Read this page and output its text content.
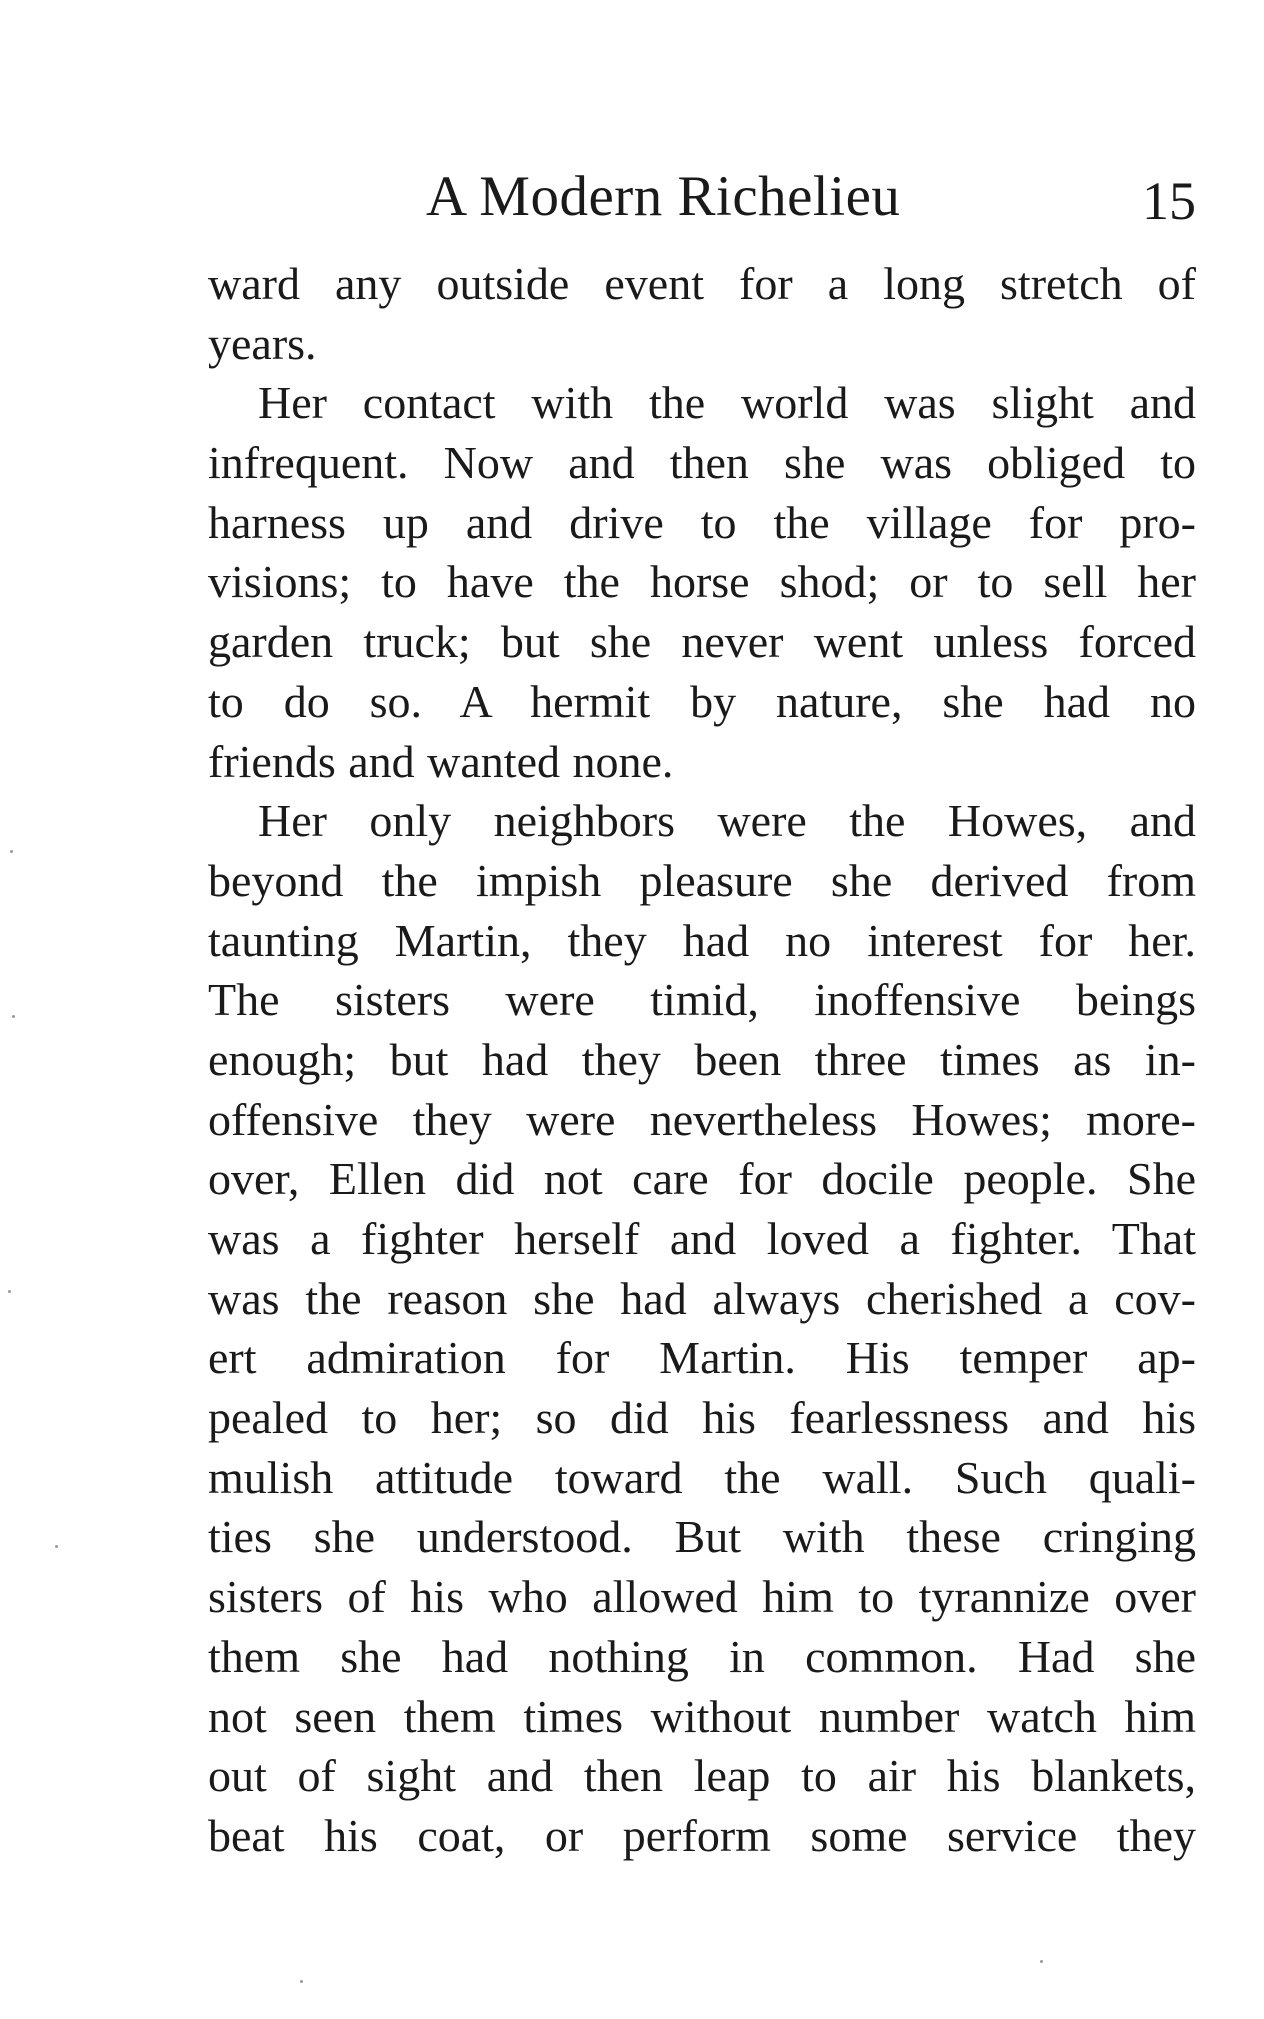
A Modern Richelieu	15
ward any outside event for a long stretch of
years.
Her contact with the world was slight and
infrequent. Now and then she was obliged to
harness up and drive to the village for pro-
visions; to have the horse shod; or to sell her
garden truck; but she never went unless forced
to do so. A hermit by nature, she had no
friends and wanted none.
Her only neighbors were the Howes, and
beyond the impish pleasure she derived from
taunting Martin, they had no interest for her.
The sisters were timid, inoffensive beings
enough; but had they been three times as in-
offensive they were nevertheless Howes; more-
over, Ellen did not care for docile people. She
was a fighter herself and loved a fighter. That
was the reason she had always cherished a cov-
ert admiration for Martin. His temper ap-
pealed to her; so did his fearlessness and his
mulish attitude toward the wall. Such quali-
ties she understood. But with these cringing
sisters of his who allowed him to tyrannize over
them she had nothing in common. Had she
not seen them times without number watch him
out of sight and then leap to air his blankets,
beat his coat, or perform some service they
